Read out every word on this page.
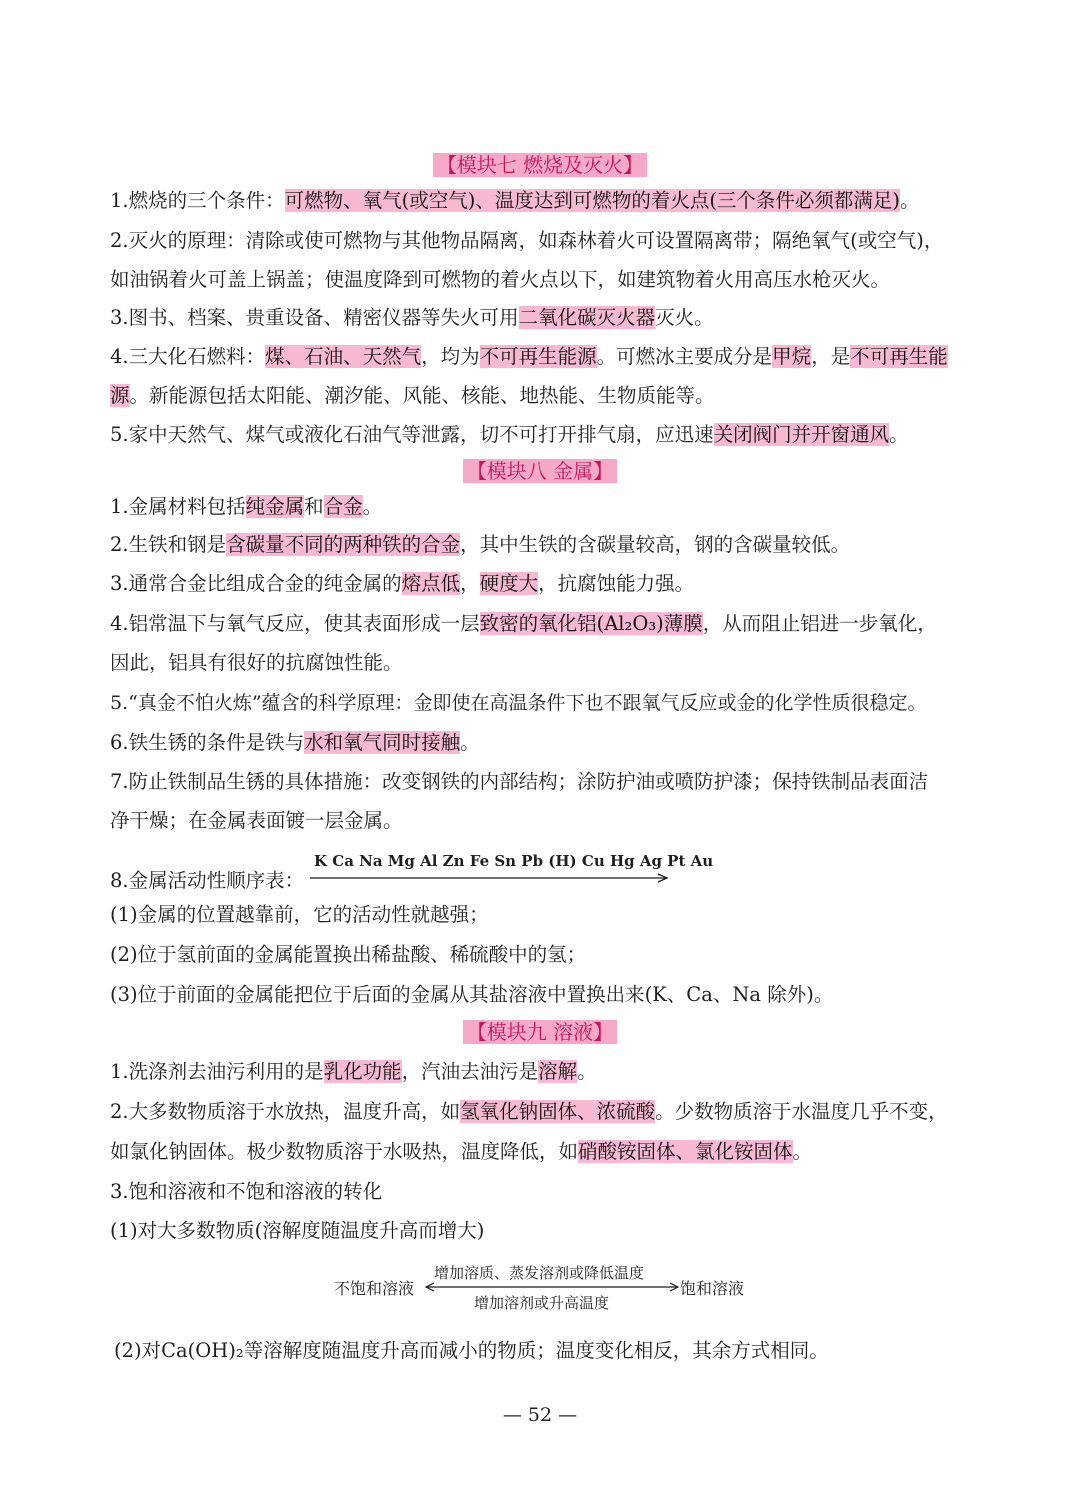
【模块七 燃烧及灭火】
1.燃烧的三个条件：可燃物、氧气(或空气)、温度达到可燃物的着火点(三个条件必须都满足)。
2.灭火的原理：清除或使可燃物与其他物品隔离，如森林着火可设置隔离带；隔绝氧气(或空气)，
如油锅着火可盖上锅盖；使温度降到可燃物的着火点以下，如建筑物着火用高压水枪灭火。
3.图书、档案、贵重设备、精密仪器等失火可用二氧化碳灭火器灭火。
4.三大化石燃料：煤、石油、天然气，均为不可再生能源。可燃冰主要成分是甲烷，是不可再生能
源。新能源包括太阳能、潮汐能、风能、核能、地热能、生物质能等。
5.家中天然气、煤气或液化石油气等泄露，切不可打开排气扇，应迅速关闭阀门并开窗通风。
【模块八 金属】
1.金属材料包括纯金属和合金。
2.生铁和钢是含碳量不同的两种铁的合金，其中生铁的含碳量较高，钢的含碳量较低。
3.通常合金比组成合金的纯金属的熔点低，硬度大，抗腐蚀能力强。
4.铝常温下与氧气反应，使其表面形成一层致密的氧化铝(Al₂O₃)薄膜，从而阻止铝进一步氧化，
因此，铝具有很好的抗腐蚀性能。
5.“真金不怕火炼”蕴含的科学原理：金即使在高温条件下也不跟氧气反应或金的化学性质很稳定。
6.铁生锈的条件是铁与水和氧气同时接触。
7.防止铁制品生锈的具体措施：改变钢铁的内部结构；涂防护油或喷防护漆；保持铁制品表面洁
净干燥；在金属表面镀一层金属。
8.金属活动性顺序表：
K Ca Na Mg Al Zn Fe Sn Pb (H) Cu Hg Ag Pt Au
(1)金属的位置越靠前，它的活动性就越强；
(2)位于氢前面的金属能置换出稀盐酸、稀硫酸中的氢；
(3)位于前面的金属能把位于后面的金属从其盐溶液中置换出来(K、Ca、Na 除外)。
【模块九 溶液】
1.洗涤剂去油污利用的是乳化功能，汽油去油污是溶解。
2.大多数物质溶于水放热，温度升高，如氢氧化钠固体、浓硫酸。少数物质溶于水温度几乎不变，
如氯化钠固体。极少数物质溶于水吸热，温度降低，如硝酸铵固体、氯化铵固体。
3.饱和溶液和不饱和溶液的转化
(1)对大多数物质(溶解度随温度升高而增大)
不饱和溶液
增加溶质、蒸发溶剂或降低温度
增加溶剂或升高温度
饱和溶液
(2)对Ca(OH)₂等溶解度随温度升高而减小的物质；温度变化相反，其余方式相同。
— 52 —
